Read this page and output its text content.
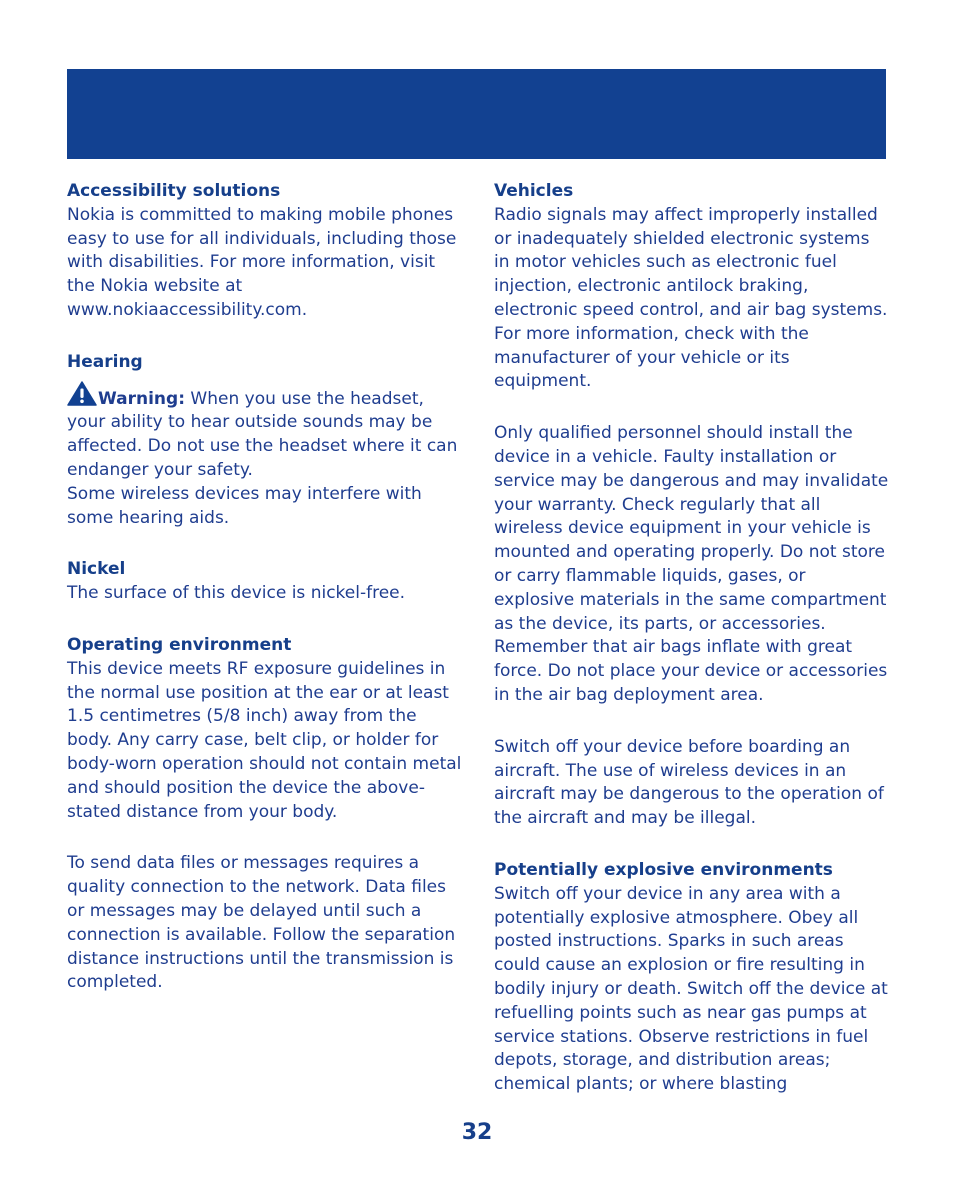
Accessibility solutions

Nokia is committed to making mobile phones easy to use for all individuals, including those with disabilities. For more information, visit the Nokia website at www.nokiaaccessibility.com.

Hearing

Warning: When you use the headset, your ability to hear outside sounds may be affected. Do not use the headset where it can endanger your safety.

Some wireless devices may interfere with some hearing aids.

Nickel

The surface of this device is nickel-free.

Operating environment

This device meets RF exposure guidelines in the normal use position at the ear or at least 1.5 centimetres (5/8 inch) away from the body. Any carry case, belt clip, or holder for body-worn operation should not contain metal and should position the device the above-stated distance from your body.

To send data files or messages requires a quality connection to the network. Data files or messages may be delayed until such a connection is available. Follow the separation distance instructions until the transmission is completed.

Vehicles

Radio signals may affect improperly installed or inadequately shielded electronic systems in motor vehicles such as electronic fuel injection, electronic antilock braking, electronic speed control, and air bag systems. For more information, check with the manufacturer of your vehicle or its equipment.

Only qualified personnel should install the device in a vehicle. Faulty installation or service may be dangerous and may invalidate your warranty. Check regularly that all wireless device equipment in your vehicle is mounted and operating properly. Do not store or carry flammable liquids, gases, or explosive materials in the same compartment as the device, its parts, or accessories. Remember that air bags inflate with great force. Do not place your device or accessories in the air bag deployment area.

Switch off your device before boarding an aircraft. The use of wireless devices in an aircraft may be dangerous to the operation of the aircraft and may be illegal.

Potentially explosive environments

Switch off your device in any area with a potentially explosive atmosphere. Obey all posted instructions. Sparks in such areas could cause an explosion or fire resulting in bodily injury or death. Switch off the device at refuelling points such as near gas pumps at service stations. Observe restrictions in fuel depots, storage, and distribution areas; chemical plants; or where blasting

32
